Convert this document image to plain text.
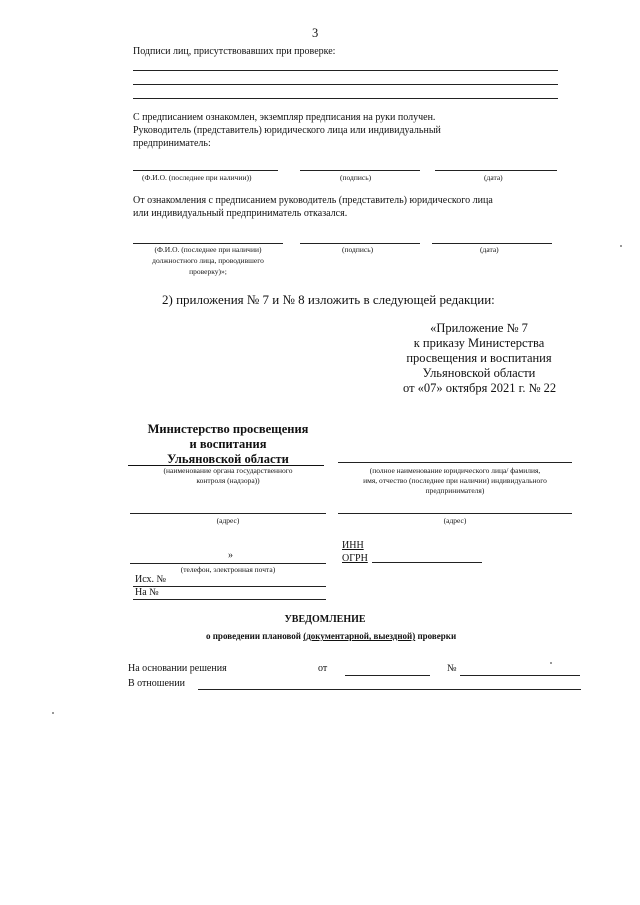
3
Подписи лиц, присутствовавших при проверке:
С предписанием ознакомлен, экземпляр предписания на руки получен.
Руководитель (представитель) юридического лица или индивидуальный
предприниматель:
(Ф.И.О. (последнее при наличии))	(подпись)	(дата)
От ознакомления с предписанием руководитель (представитель) юридического лица
или индивидуальный предприниматель отказался.
(Ф.И.О. (последнее при наличии)
должностного лица, проводившего
проверку)»;
(подпись)	(дата)
2) приложения № 7 и № 8 изложить в следующей редакции:
«Приложение № 7
к приказу Министерства
просвещения и воспитания
Ульяновской области
от «07» октября 2021 г. № 22
Министерство просвещения
и воспитания
Ульяновской области
(наименование органа государственного
контроля (надзора))
(полное наименование юридического лица/ фамилия,
имя, отчество (последнее при наличии) индивидуального
предпринимателя)
(адрес)	(адрес)
ИНН
ОГРН
»
(телефон, электронная почта)
Исх. №
На №
УВЕДОМЛЕНИЕ
о проведении плановой (документарной, выездной) проверки
На основании решения	от	№
В отношении
